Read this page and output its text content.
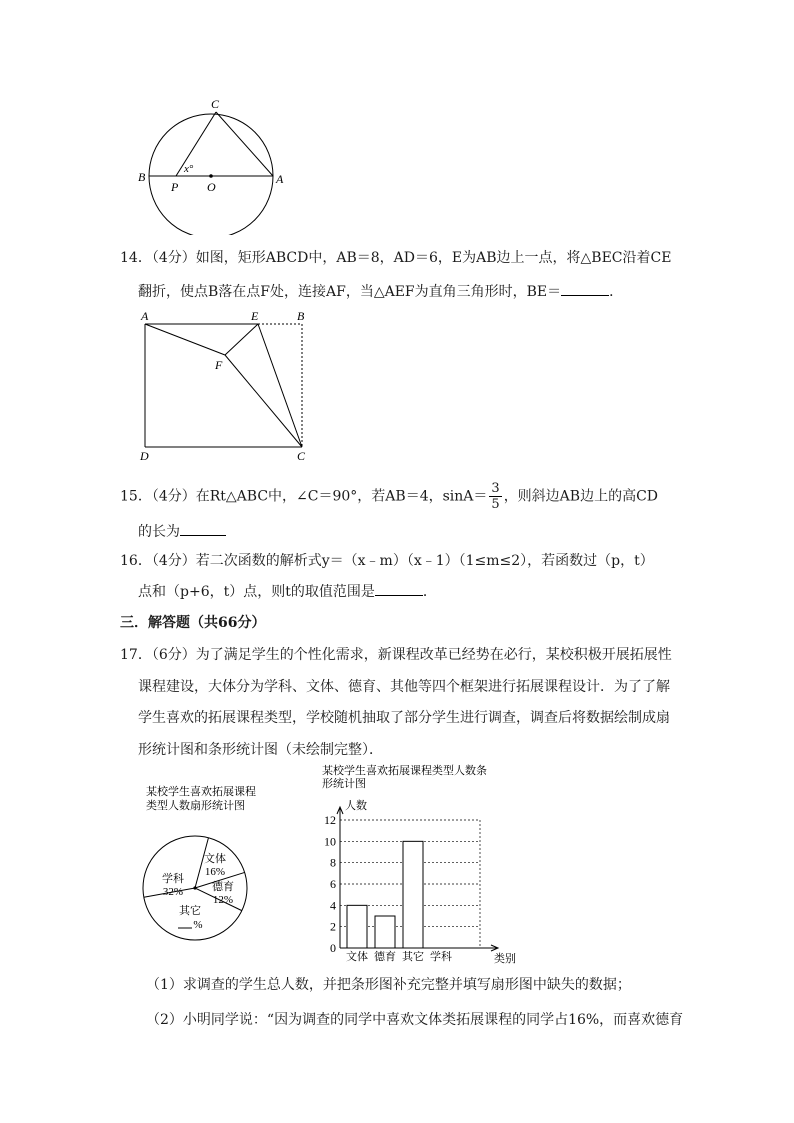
C
B	A
P O
x°
14．（4分）如图，矩形ABCD中，AB＝8，AD＝6，E为AB边上一点，将△BEC沿着CE
翻折，使点B落在点F处，连接AF，当△AEF为直角三角形时，BE＝	．
A	E	B
F
D	C
15．（4分）在Rt△ABC中，∠C＝90°，若AB＝4，$\sin A= \frac{3}{5}$ ，则斜边AB边上的高CD
的长为
16．（4分）若二次函数的解析式y＝（x﹣m）（x﹣1）（1≤m≤2），若函数过（p，t）
点和（p+6，t）点，则t的取值范围是	．
三．解答题（共66分）
17．（6分）为了满足学生的个性化需求，新课程改革已经势在必行，某校积极开展拓展性
课程建设，大体分为学科、文体、德育、其他等四个框架进行拓展课程设计．为了了解
学生喜欢的拓展课程类型，学校随机抽取了部分学生进行调查，调查后将数据绘制成扇
形统计图和条形统计图（未绘制完整）．
某校学生喜欢拓展课程
类型人数扇形统计图
文体
16%
德育
12%
其它
%
学科
32%
某校学生喜欢拓展课程类型人数条
形统计图
人数
类别
0
2
4
6
8
10
12
文体 德育 其它 学科
（1）求调查的学生总人数，并把条形图补充完整并填写扇形图中缺失的数据；
（2）小明同学说：“因为调查的同学中喜欢文体类拓展课程的同学占16%，而喜欢德育
